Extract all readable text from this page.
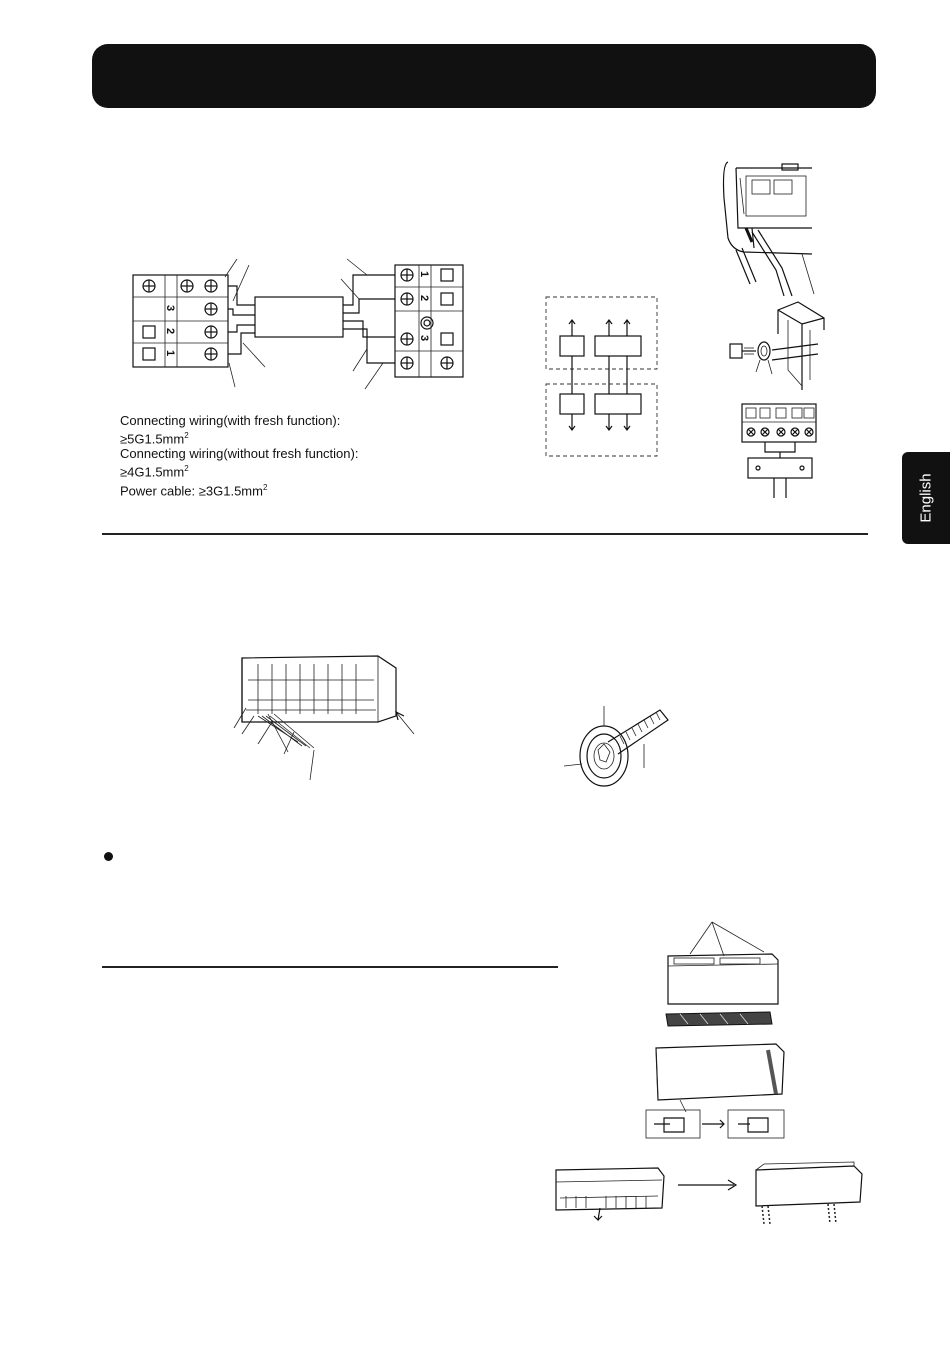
English
3
2
1
1
2
3
Connecting wiring(with fresh function):
$\ge 5G1.5mm^2$
Connecting wiring(without fresh function):
$\ge 4G1.5mm^2$
Power cable: $\ge 3G1.5mm^2$
